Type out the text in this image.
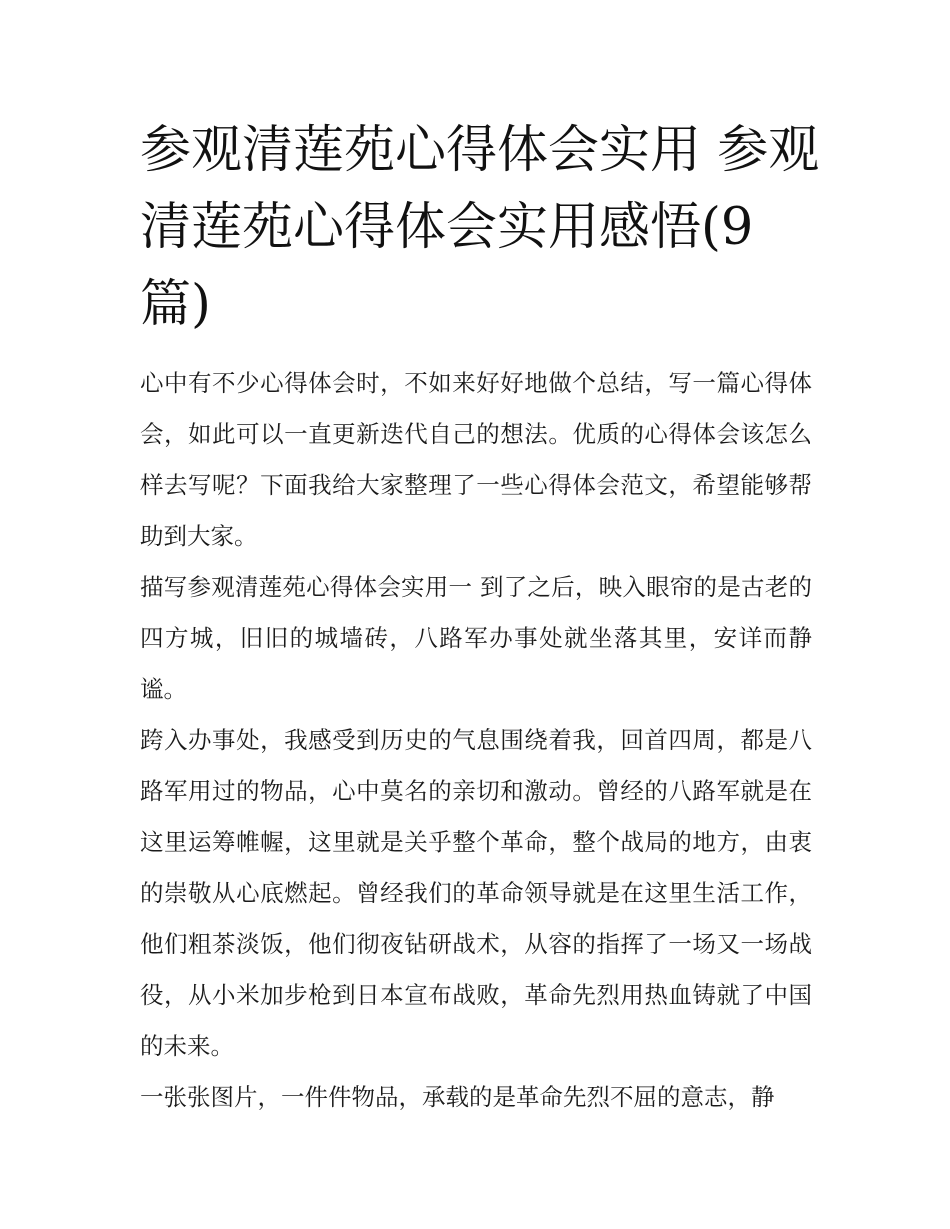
参观清莲苑心得体会实用 参观清莲苑心得体会实用感悟(9篇)

心中有不少心得体会时，不如来好好地做个总结，写一篇心得体会，如此可以一直更新迭代自己的想法。优质的心得体会该怎么样去写呢？下面我给大家整理了一些心得体会范文，希望能够帮助到大家。

描写参观清莲苑心得体会实用一 到了之后，映入眼帘的是古老的四方城，旧旧的城墙砖，八路军办事处就坐落其里，安详而静谧。

跨入办事处，我感受到历史的气息围绕着我，回首四周，都是八路军用过的物品，心中莫名的亲切和激动。曾经的八路军就是在这里运筹帷幄，这里就是关乎整个革命，整个战局的地方，由衷的崇敬从心底燃起。曾经我们的革命领导就是在这里生活工作，他们粗茶淡饭，他们彻夜钻研战术，从容的指挥了一场又一场战役，从小米加步枪到日本宣布战败，革命先烈用热血铸就了中国的未来。

一张张图片，一件件物品，承载的是革命先烈不屈的意志，静
